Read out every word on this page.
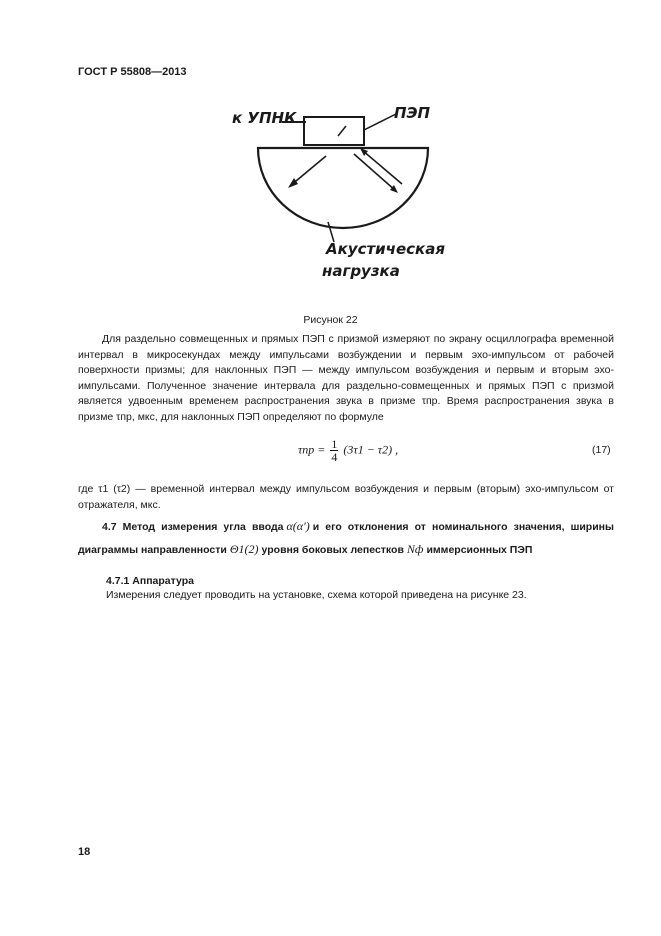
ГОСТ Р 55808—2013
к УПНК	ПЭП
Акустическая
нагрузка
Рисунок 22

Для раздельно совмещенных и прямых ПЭП с призмой измеряют по экрану осциллографа временной интервал в микросекундах между импульсами возбуждении и первым эхо-импульсом от рабочей поверхности призмы; для наклонных ПЭП — между импульсом возбуждения и первым и вторым эхо-импульсами. Полученное значение интервала для раздельно-совмещенных и прямых ПЭП с призмой является удвоенным временем распространения звука в призме τпр. Время распространения звука в призме τпр, мкс, для наклонных ПЭП определяют по формуле

$\tau пр = \frac{1}{4} (3\tau 1 - \tau 2)$ ,	(17)

где τ1 (τ2) — временной интервал между импульсом возбуждения и первым (вторым) эхо-импульсом от отражателя, мкс.

4.7 Метод измерения угла ввода α(α′) и его отклонения от номинального значения, ширины диаграммы направленности Θ1(2) уровня боковых лепестков Nф иммерсионных ПЭП

4.7.1 Аппаратура
Измерения следует проводить на установке, схема которой приведена на рисунке 23.
18
